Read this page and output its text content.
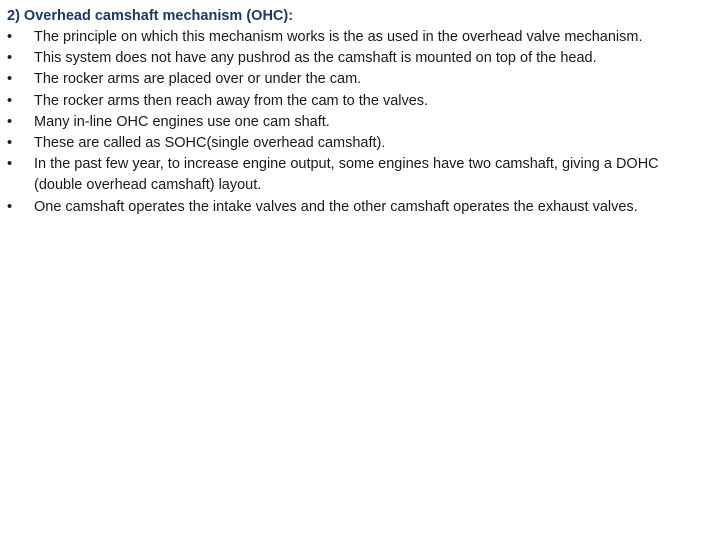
2) Overhead camshaft mechanism (OHC):
•	The principle on which this mechanism works is the as used in the overhead valve mechanism.
•	This system does not have any pushrod as the camshaft is mounted on top of the head.
•	The rocker arms are placed over or under the cam.
•	The rocker arms then reach away from the cam to the valves.
•	Many in-line OHC engines use one cam shaft.
•	These are called as SOHC(single overhead camshaft).
•	In the past few year, to increase engine output, some engines have two camshaft, giving a DOHC (double overhead camshaft) layout.
•	One camshaft operates the intake valves and the other camshaft operates the exhaust valves.
